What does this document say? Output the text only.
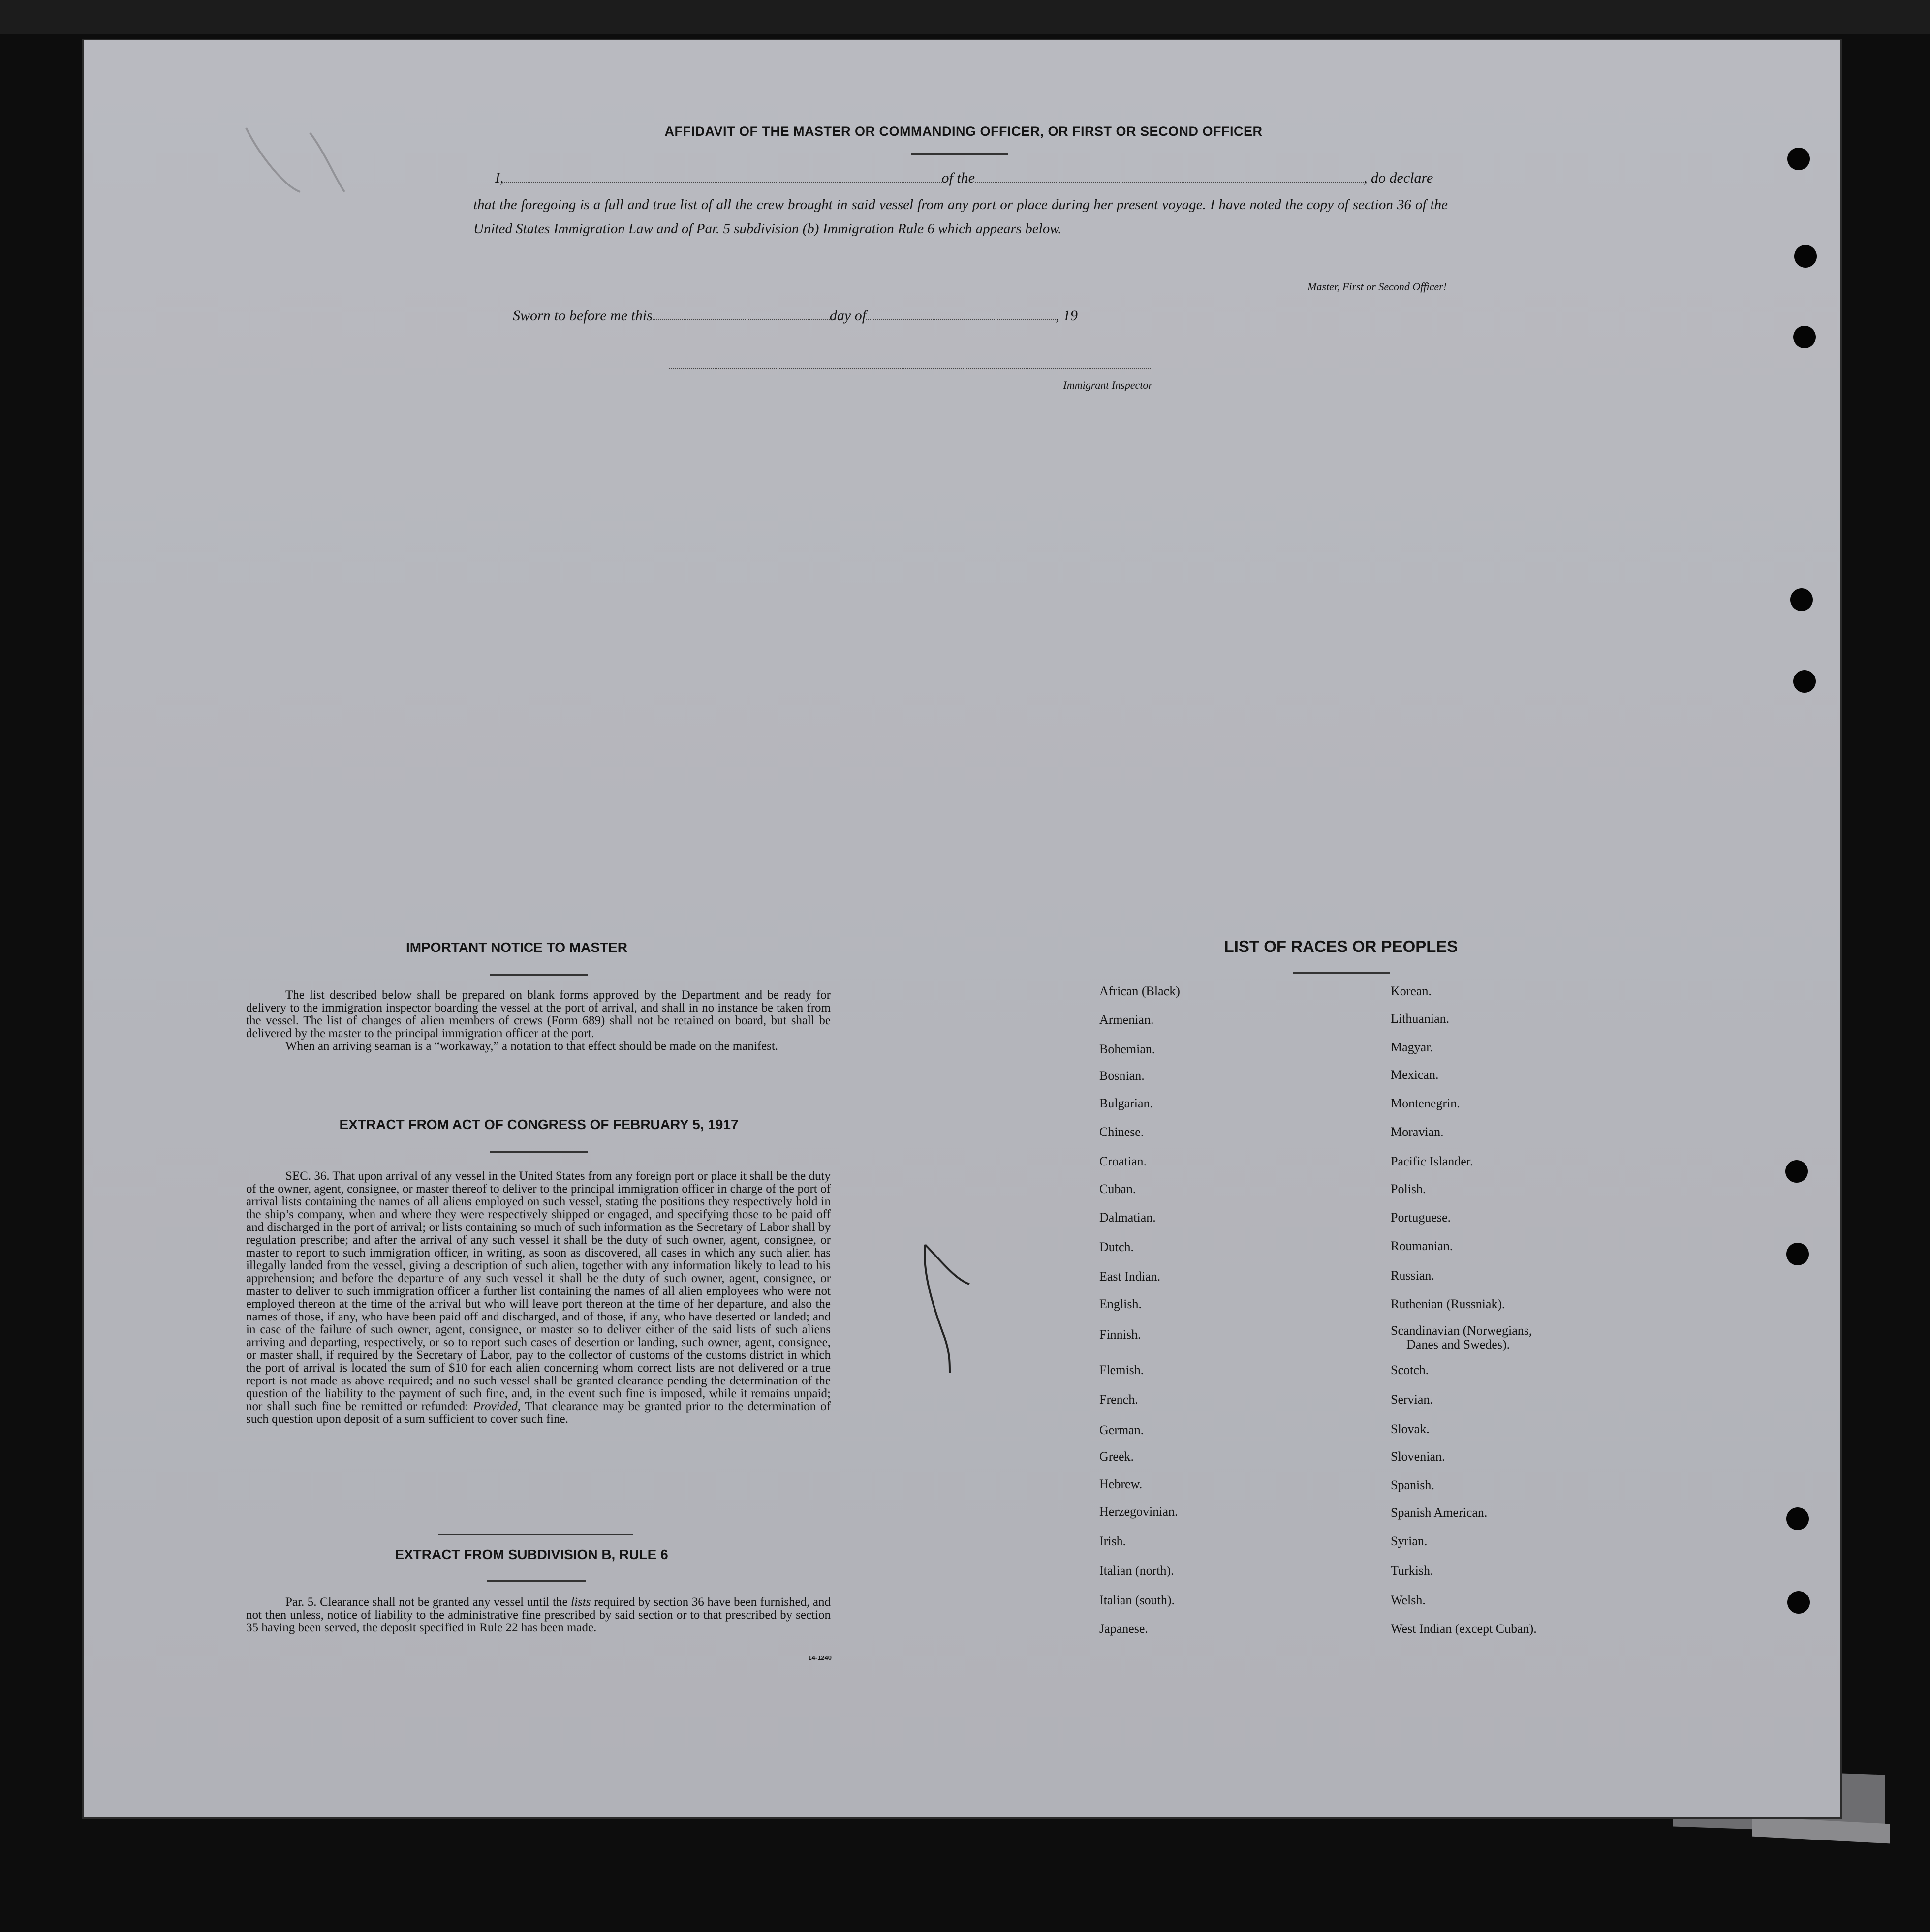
AFFIDAVIT OF THE MASTER OR COMMANDING OFFICER, OR FIRST OR SECOND OFFICER
I,	of the	, do declare
that the foregoing is a full and true list of all the crew brought in said vessel from any port or place during her present voyage. I have noted the copy of section 36 of the United States Immigration Law and of Par. 5 subdivision (b) Immigration Rule 6 which appears below.
Master, First or Second Officer!
Sworn to before me this	day of	, 19
Immigrant Inspector
IMPORTANT NOTICE TO MASTER

The list described below shall be prepared on blank forms approved by the Department and be ready for delivery to the immigration inspector boarding the vessel at the port of arrival, and shall in no instance be taken from the vessel. The list of changes of alien members of crews (Form 689) shall not be retained on board, but shall be delivered by the master to the principal immigration officer at the port.

When an arriving seaman is a “workaway,” a notation to that effect should be made on the manifest.

EXTRACT FROM ACT OF CONGRESS OF FEBRUARY 5, 1917

SEC. 36. That upon arrival of any vessel in the United States from any foreign port or place it shall be the duty of the owner, agent, consignee, or master thereof to deliver to the principal immigration officer in charge of the port of arrival lists containing the names of all aliens employed on such vessel, stating the positions they respectively hold in the ship’s company, when and where they were respectively shipped or engaged, and specifying those to be paid off and discharged in the port of arrival; or lists containing so much of such information as the Secretary of Labor shall by regulation prescribe; and after the arrival of any such vessel it shall be the duty of such owner, agent, consignee, or master to report to such immigration officer, in writing, as soon as discovered, all cases in which any such alien has illegally landed from the vessel, giving a description of such alien, together with any information likely to lead to his apprehension; and before the departure of any such vessel it shall be the duty of such owner, agent, consignee, or master to deliver to such immigration officer a further list containing the names of all alien employees who were not employed thereon at the time of the arrival but who will leave port thereon at the time of her departure, and also the names of those, if any, who have been paid off and discharged, and of those, if any, who have deserted or landed; and in case of the failure of such owner, agent, consignee, or master so to deliver either of the said lists of such aliens arriving and departing, respectively, or so to report such cases of desertion or landing, such owner, agent, consignee, or master shall, if required by the Secretary of Labor, pay to the collector of customs of the customs district in which the port of arrival is located the sum of $10 for each alien concerning whom correct lists are not delivered or a true report is not made as above required; and no such vessel shall be granted clearance pending the determination of the question of the liability to the payment of such fine, and, in the event such fine is imposed, while it remains unpaid; nor shall such fine be remitted or refunded: Provided, That clearance may be granted prior to the determination of such question upon deposit of a sum sufficient to cover such fine.

EXTRACT FROM SUBDIVISION B, RULE 6

Par. 5. Clearance shall not be granted any vessel until the lists required by section 36 have been furnished, and not then unless, notice of liability to the administrative fine prescribed by said section or to that prescribed by section 35 having been served, the deposit specified in Rule 22 has been made.

14-1240
LIST OF RACES OR PEOPLES
African (Black)
Armenian.
Bohemian.
Bosnian.
Bulgarian.
Chinese.
Croatian.
Cuban.
Dalmatian.
Dutch.
East Indian.
English.
Finnish.
Flemish.
French.
German.
Greek.
Hebrew.
Herzegovinian.
Irish.
Italian (north).
Italian (south).
Japanese.
Korean.
Lithuanian.
Magyar.
Mexican.
Montenegrin.
Moravian.
Pacific Islander.
Polish.
Portuguese.
Roumanian.
Russian.
Ruthenian (Russniak).
Scandinavian (Norwegians,
Danes and Swedes).
Scotch.
Servian.
Slovak.
Slovenian.
Spanish.
Spanish American.
Syrian.
Turkish.
Welsh.
West Indian (except Cuban).
